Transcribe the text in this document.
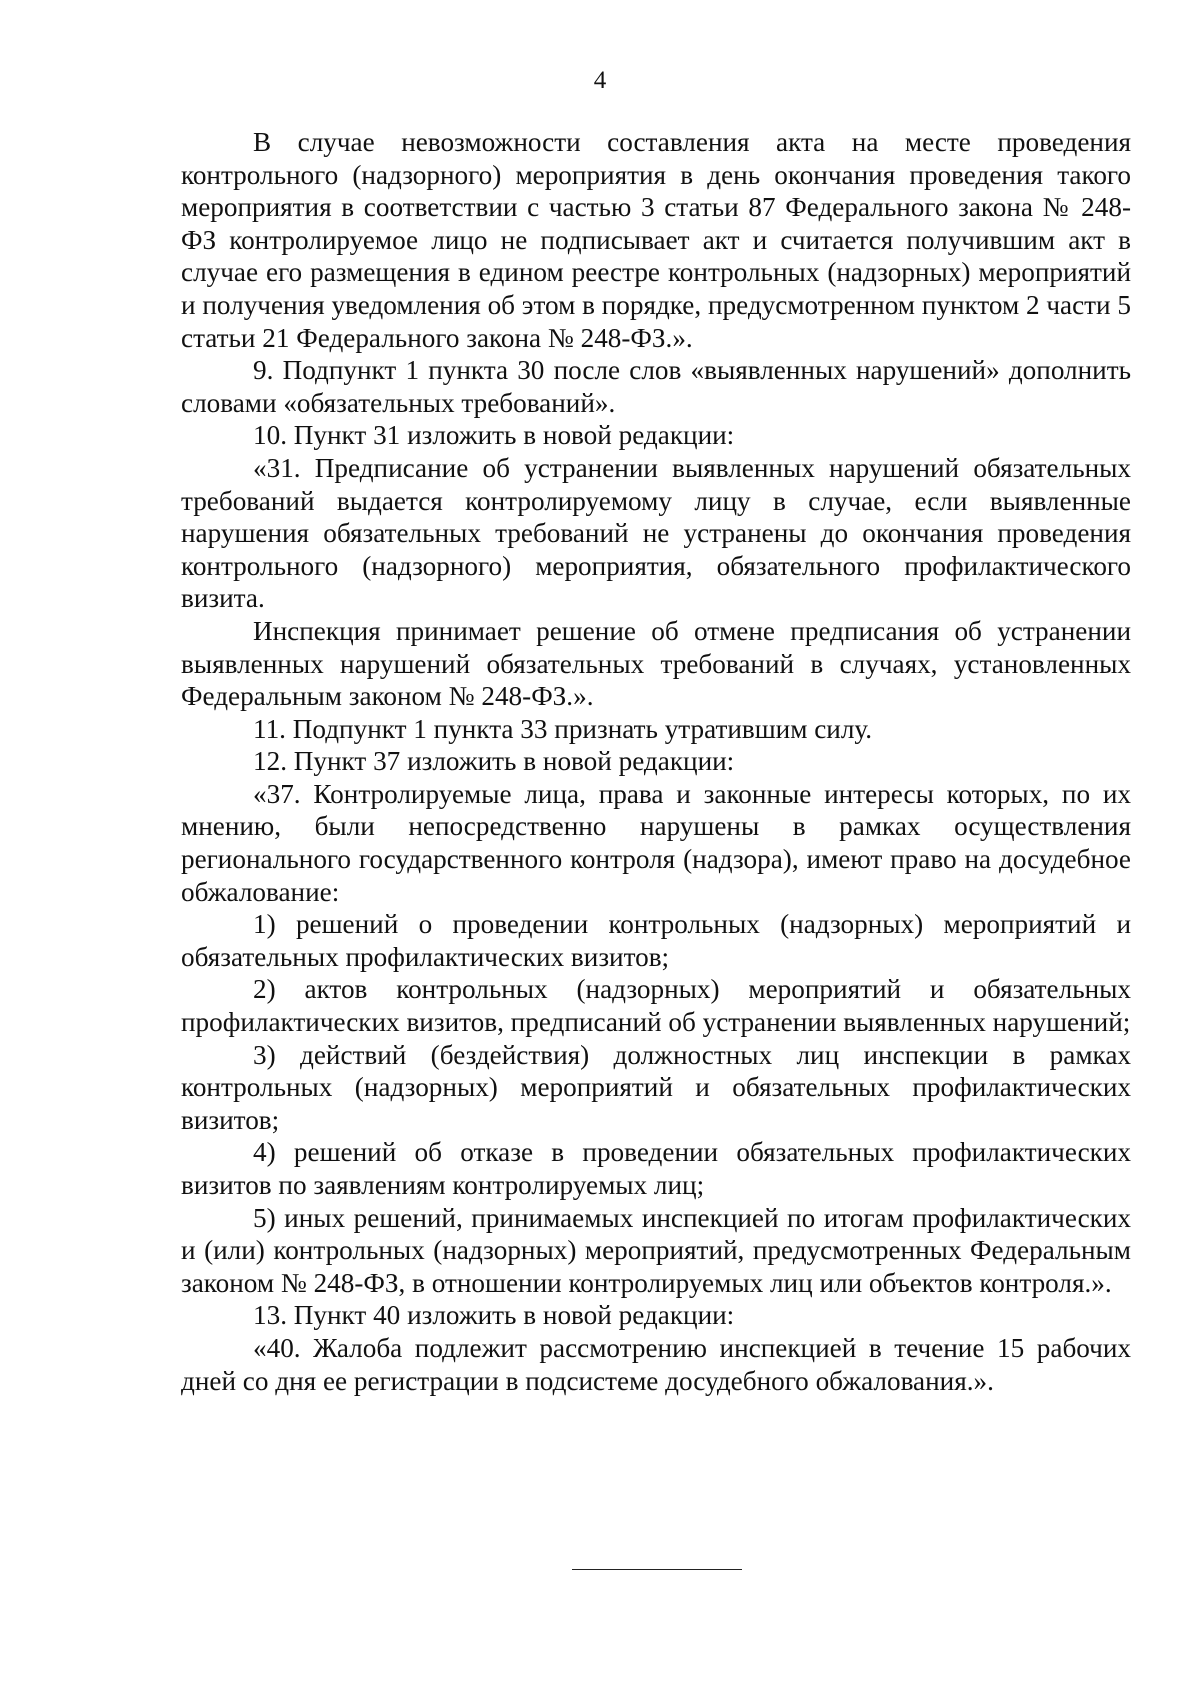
4

В случае невозможности составления акта на месте проведения контрольного (надзорного) мероприятия в день окончания проведения такого мероприятия в соответствии с частью 3 статьи 87 Федерального закона № 248-ФЗ контролируемое лицо не подписывает акт и считается получившим акт в случае его размещения в едином реестре контрольных (надзорных) мероприятий и получения уведомления об этом в порядке, предусмотренном пунктом 2 части 5 статьи 21 Федерального закона № 248-ФЗ.».

9. Подпункт 1 пункта 30 после слов «выявленных нарушений» дополнить словами «обязательных требований».

10. Пункт 31 изложить в новой редакции:

«31. Предписание об устранении выявленных нарушений обязательных требований выдается контролируемому лицу в случае, если выявленные нарушения обязательных требований не устранены до окончания проведения контрольного (надзорного) мероприятия, обязательного профилактического визита.

Инспекция принимает решение об отмене предписания об устранении выявленных нарушений обязательных требований в случаях, установленных Федеральным законом № 248-ФЗ.».

11. Подпункт 1 пункта 33 признать утратившим силу.

12. Пункт 37 изложить в новой редакции:

«37. Контролируемые лица, права и законные интересы которых, по их мнению, были непосредственно нарушены в рамках осуществления регионального государственного контроля (надзора), имеют право на досудебное обжалование:

1) решений о проведении контрольных (надзорных) мероприятий и обязательных профилактических визитов;

2) актов контрольных (надзорных) мероприятий и обязательных профилактических визитов, предписаний об устранении выявленных нарушений;

3) действий (бездействия) должностных лиц инспекции в рамках контрольных (надзорных) мероприятий и обязательных профилактических визитов;

4) решений об отказе в проведении обязательных профилактических визитов по заявлениям контролируемых лиц;

5) иных решений, принимаемых инспекцией по итогам профилактических и (или) контрольных (надзорных) мероприятий, предусмотренных Федеральным законом № 248-ФЗ, в отношении контролируемых лиц или объектов контроля.».

13. Пункт 40 изложить в новой редакции:

«40. Жалоба подлежит рассмотрению инспекцией в течение 15 рабочих дней со дня ее регистрации в подсистеме досудебного обжалования.».
